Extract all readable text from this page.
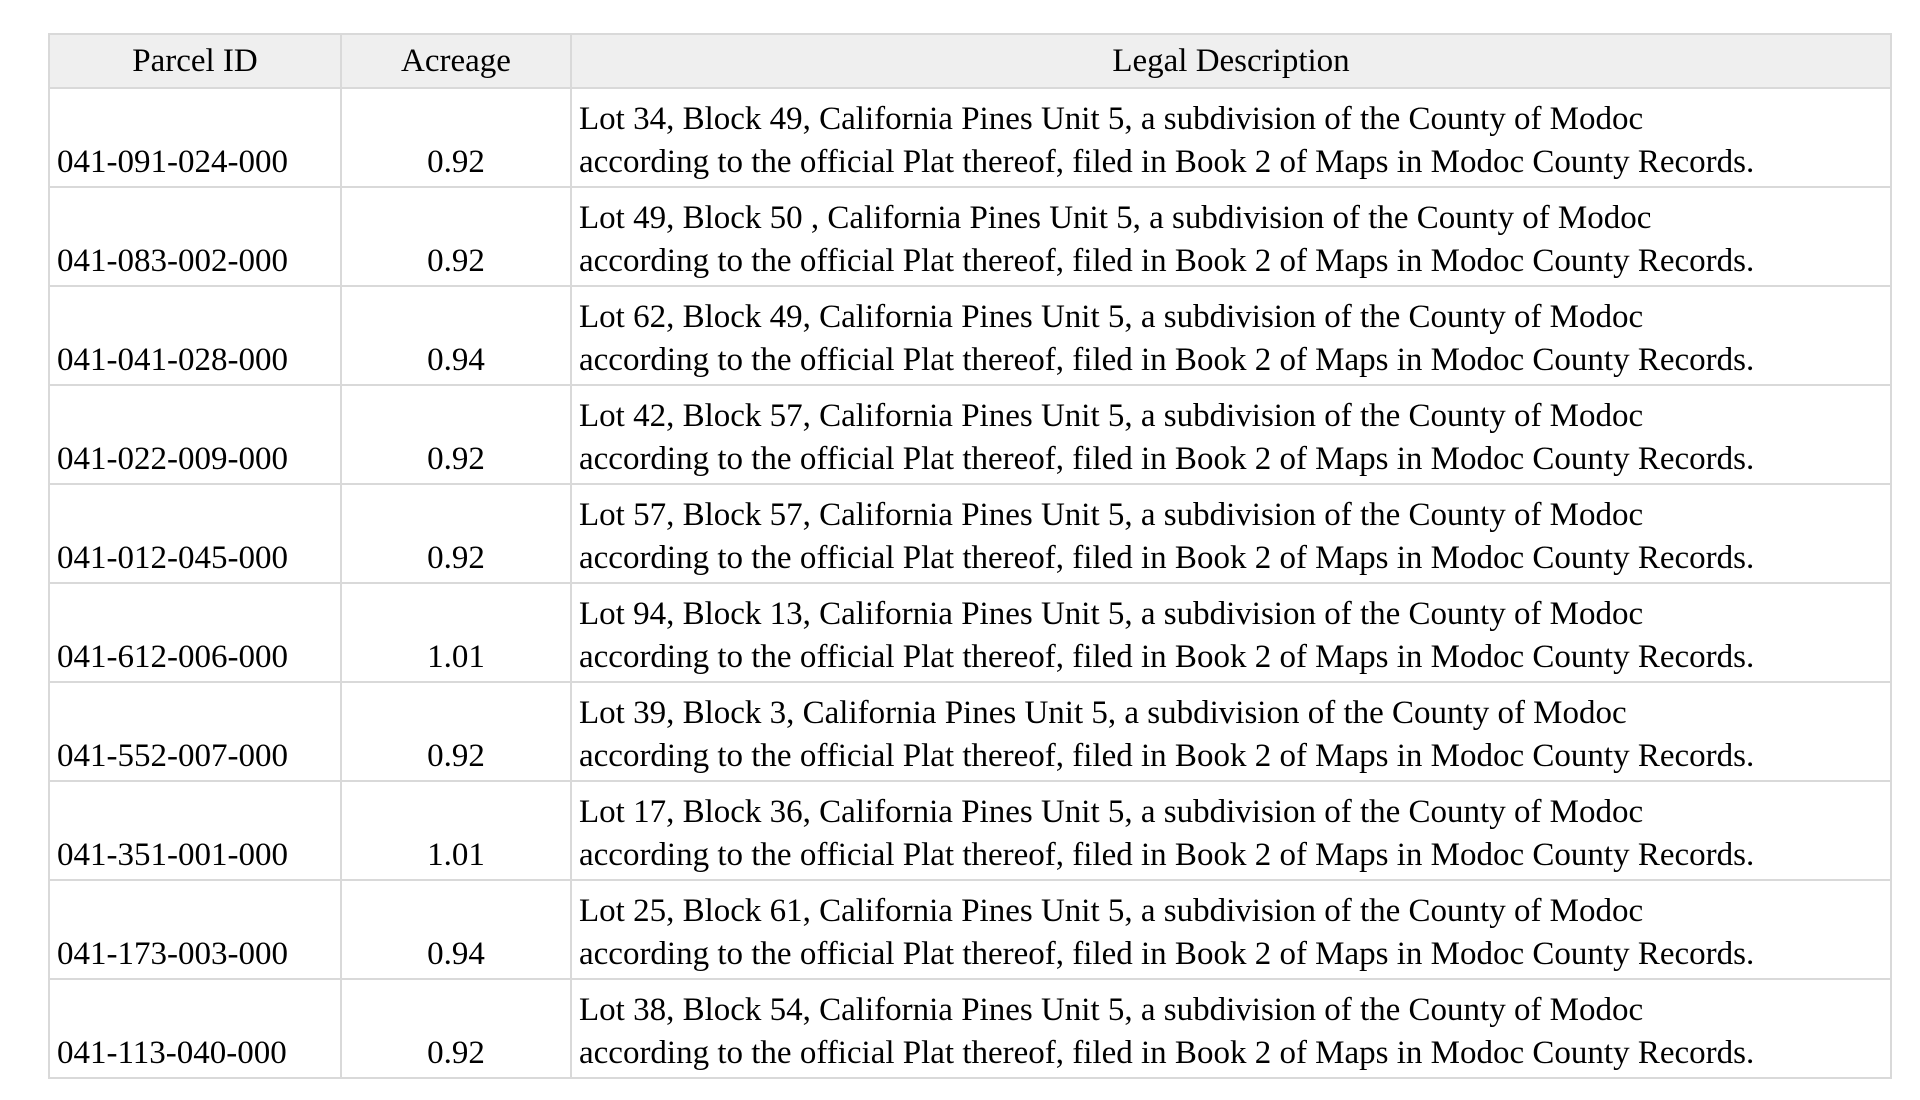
Parcel ID	Acreage	Legal Description
041-091-024-000	0.92	Lot 34, Block 49, California Pines Unit 5, a subdivision of the County of Modoc
according to the official Plat thereof, filed in Book 2 of Maps in Modoc County Records.

041-083-002-000	0.92	Lot 49, Block 50 , California Pines Unit 5, a subdivision of the County of Modoc
according to the official Plat thereof, filed in Book 2 of Maps in Modoc County Records.

041-041-028-000	0.94	Lot 62, Block 49, California Pines Unit 5, a subdivision of the County of Modoc
according to the official Plat thereof, filed in Book 2 of Maps in Modoc County Records.

041-022-009-000	0.92	Lot 42, Block 57, California Pines Unit 5, a subdivision of the County of Modoc
according to the official Plat thereof, filed in Book 2 of Maps in Modoc County Records.

041-012-045-000	0.92	Lot 57, Block 57, California Pines Unit 5, a subdivision of the County of Modoc
according to the official Plat thereof, filed in Book 2 of Maps in Modoc County Records.

041-612-006-000	1.01	Lot 94, Block 13, California Pines Unit 5, a subdivision of the County of Modoc
according to the official Plat thereof, filed in Book 2 of Maps in Modoc County Records.

041-552-007-000	0.92	Lot 39, Block 3, California Pines Unit 5, a subdivision of the County of Modoc
according to the official Plat thereof, filed in Book 2 of Maps in Modoc County Records.

041-351-001-000	1.01	Lot 17, Block 36, California Pines Unit 5, a subdivision of the County of Modoc
according to the official Plat thereof, filed in Book 2 of Maps in Modoc County Records.

041-173-003-000	0.94	Lot 25, Block 61, California Pines Unit 5, a subdivision of the County of Modoc
according to the official Plat thereof, filed in Book 2 of Maps in Modoc County Records.

041-113-040-000	0.92	Lot 38, Block 54, California Pines Unit 5, a subdivision of the County of Modoc
according to the official Plat thereof, filed in Book 2 of Maps in Modoc County Records.
